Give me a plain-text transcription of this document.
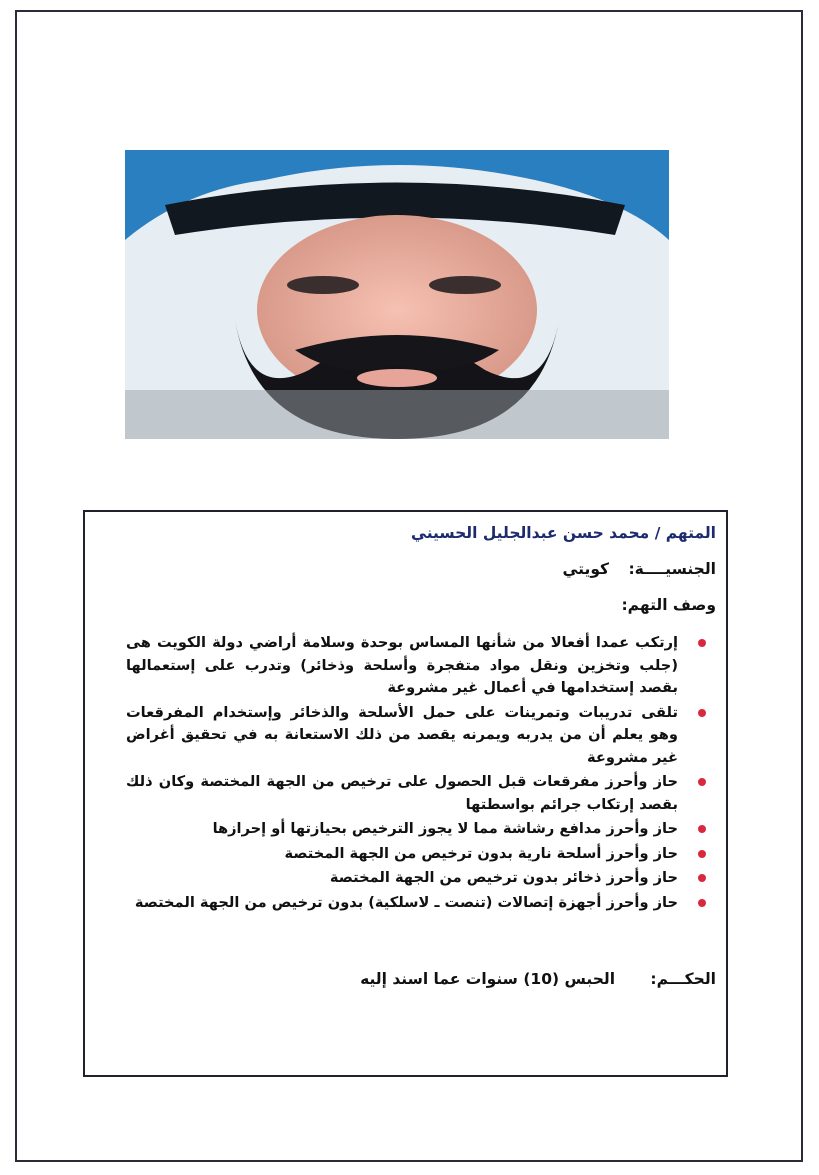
المتهم / محمد حسن عبدالجليل الحسيني
الجنسيــــة: كويتي
وصف التهم:
إرتكب عمدا أفعالا من شأنها المساس بوحدة وسلامة أراضي دولة الكويت هى (جلب وتخزين ونقل مواد متفجرة وأسلحة وذخائر) وتدرب على إستعمالها بقصد إستخدامها في أعمال غير مشروعة
تلقى تدريبات وتمرينات على حمل الأسلحة والذخائر وإستخدام المفرقعات وهو يعلم أن من يدربه ويمرنه يقصد من ذلك الاستعانة به في تحقيق أغراض غير مشروعة
حاز وأحرز مفرقعات قبل الحصول على ترخيص من الجهة المختصة وكان ذلك بقصد إرتكاب جرائم بواسطتها
حاز وأحرز مدافع رشاشة مما لا يجوز الترخيص بحيازتها أو إحرازها
حاز وأحرز أسلحة نارية بدون ترخيص من الجهة المختصة
حاز وأحرز ذخائر بدون ترخيص من الجهة المختصة
حاز وأحرز أجهزة إتصالات (تنصت ـ لاسلكية) بدون ترخيص من الجهة المختصة
الحكـــم: الحبس (10) سنوات عما اسند إليه
